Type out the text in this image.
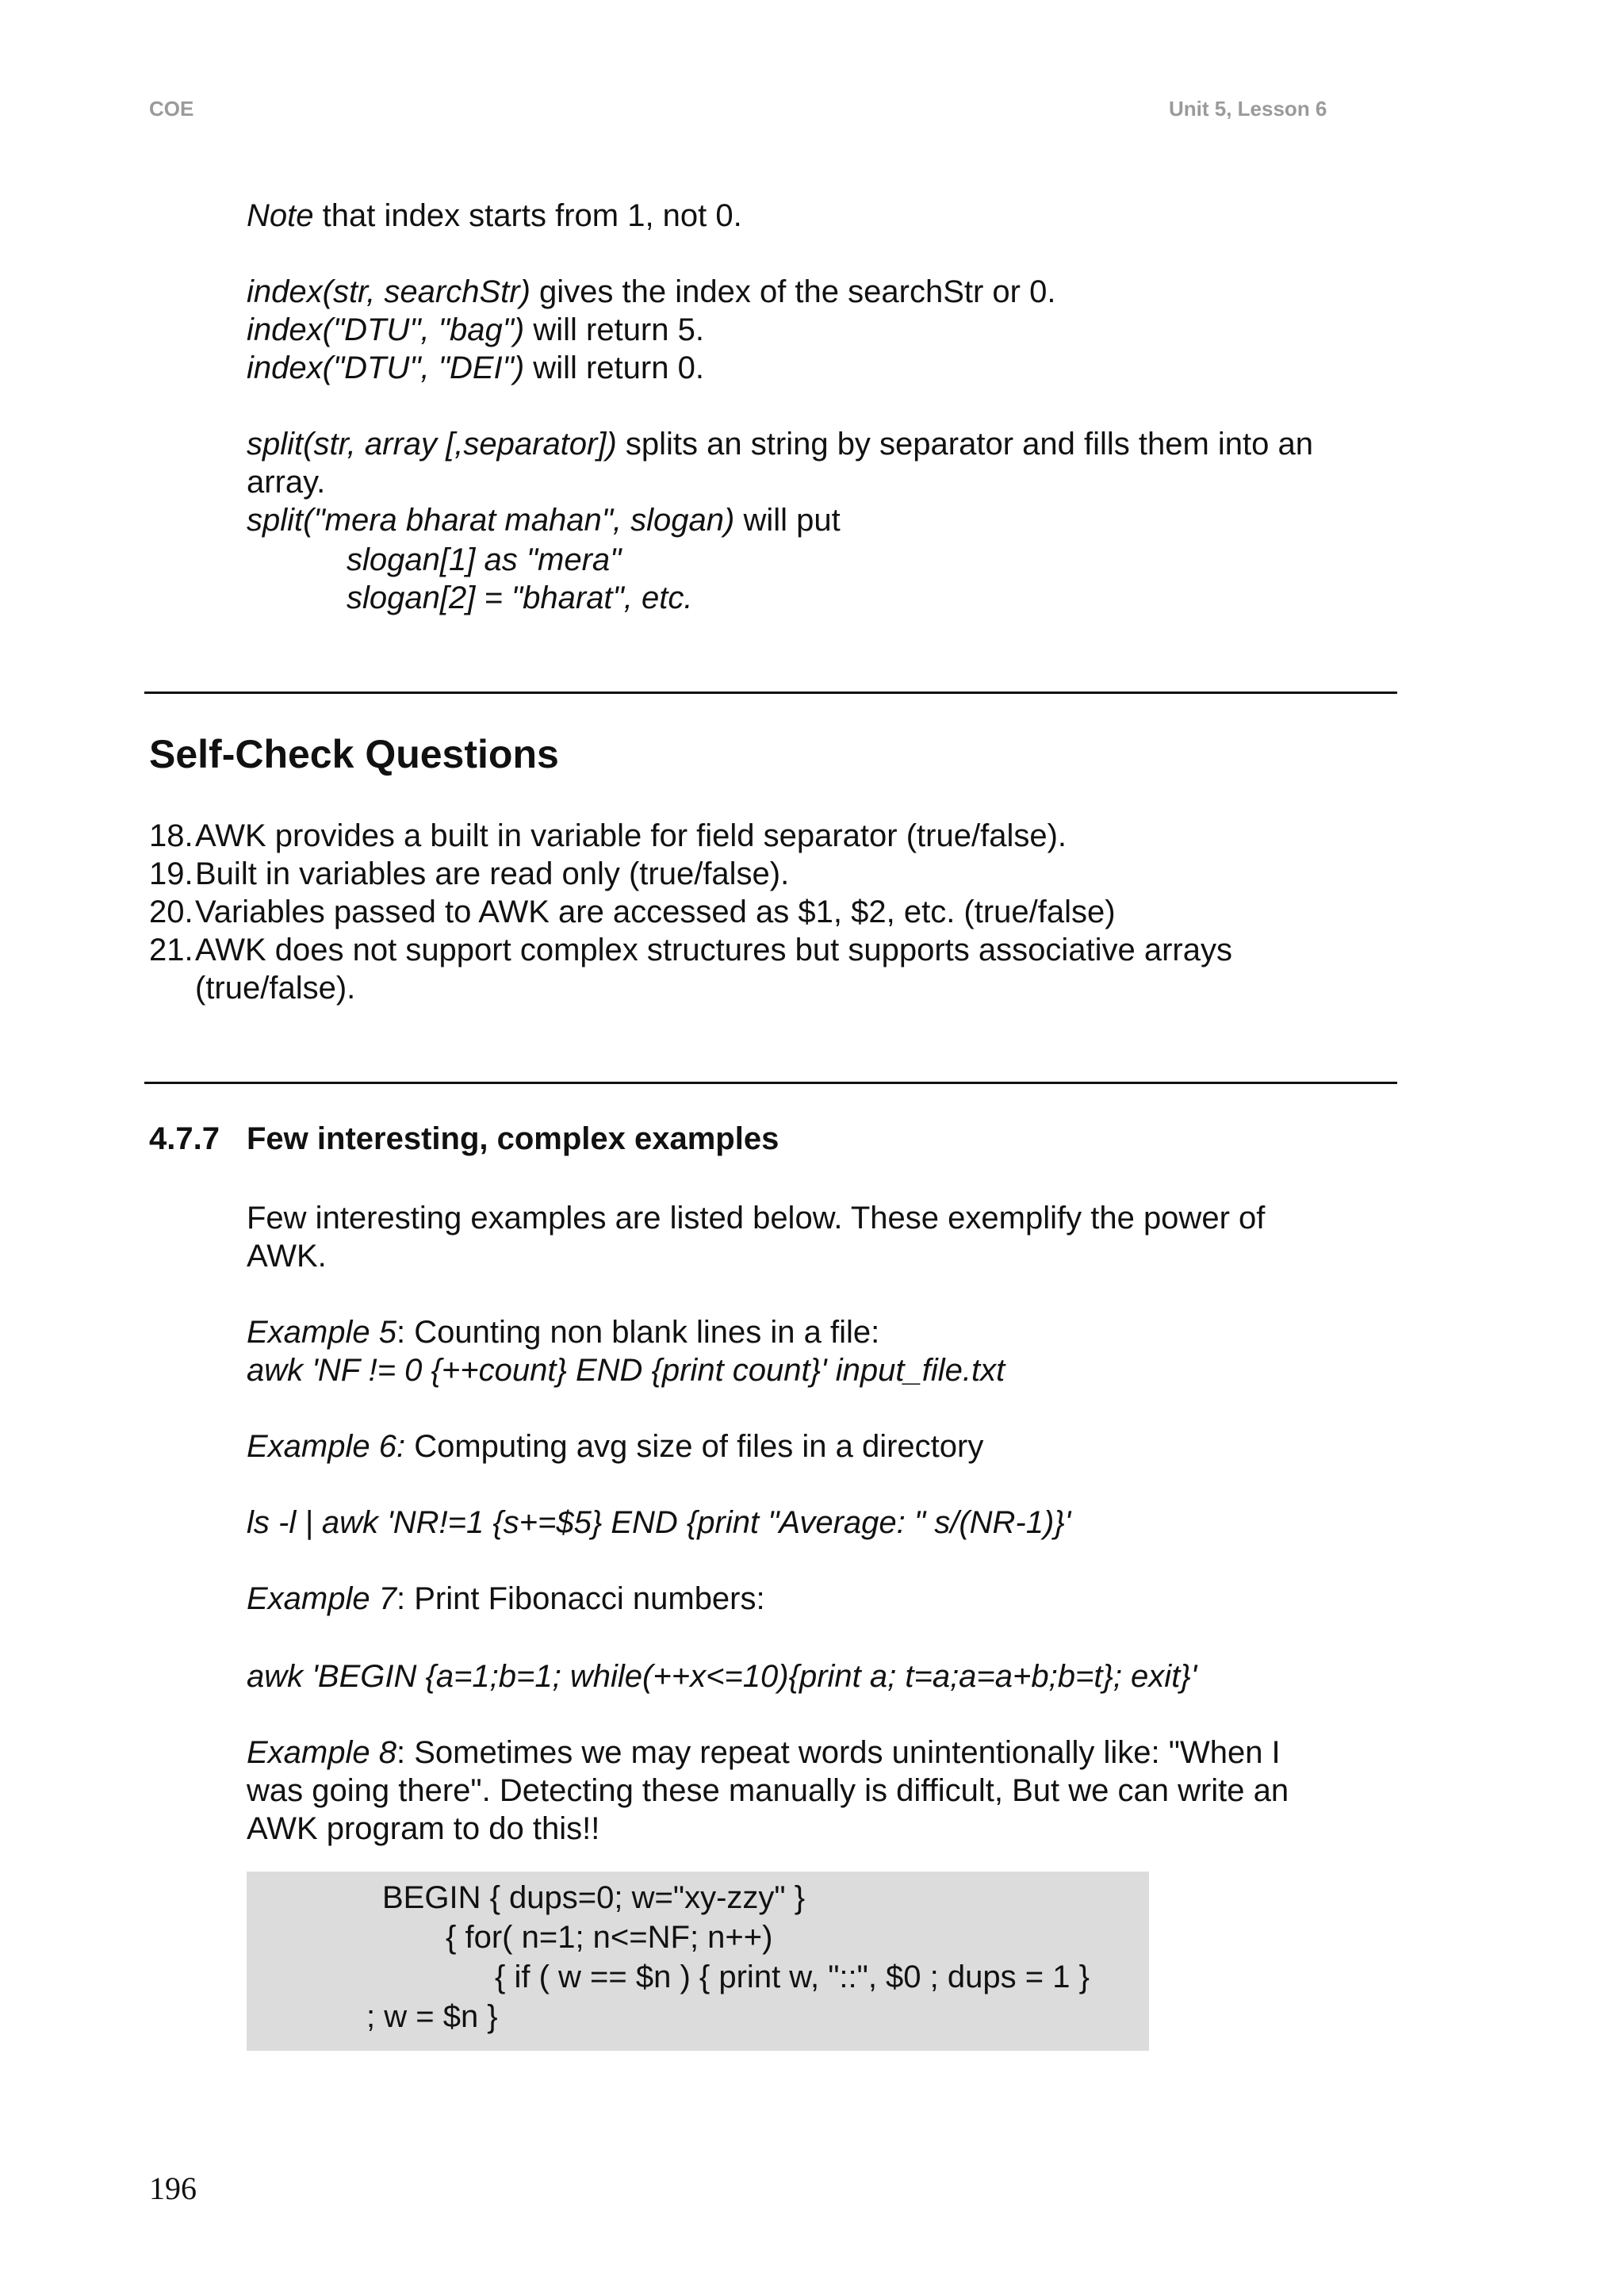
COE	Unit 5, Lesson 6
Note that index starts from 1, not 0.
index(str, searchStr) gives the index of the searchStr or 0.
index("DTU", "bag") will return 5.
index("DTU", "DEI") will return 0.
split(str, array [,separator]) splits an string by separator and fills them into an
array.
split("mera bharat mahan", slogan) will put
slogan[1] as "mera"
slogan[2] = "bharat", etc.
Self-Check Questions
18.AWK provides a built in variable for field separator (true/false).
19.Built in variables are read only (true/false).
20.Variables passed to AWK are accessed as $1, $2, etc. (true/false)
21.AWK does not support complex structures but supports associative arrays
(true/false).
4.7.7 Few interesting, complex examples
Few interesting examples are listed below. These exemplify the power of
AWK.
Example 5: Counting non blank lines in a file:
awk 'NF != 0 {++count} END {print count}' input_file.txt
Example 6: Computing avg size of files in a directory
ls -l | awk 'NR!=1 {s+=$5} END {print "Average: " s/(NR-1)}'
Example 7: Print Fibonacci numbers:
awk 'BEGIN {a=1;b=1; while(++x<=10){print a; t=a;a=a+b;b=t}; exit}'
Example 8: Sometimes we may repeat words unintentionally like: "When I
was going there". Detecting these manually is difficult, But we can write an
AWK program to do this!!
BEGIN { dups=0; w="xy-zzy" }
{ for( n=1; n<=NF; n++)
{ if ( w == $n ) { print w, "::", $0 ; dups = 1 }
; w = $n }
196
